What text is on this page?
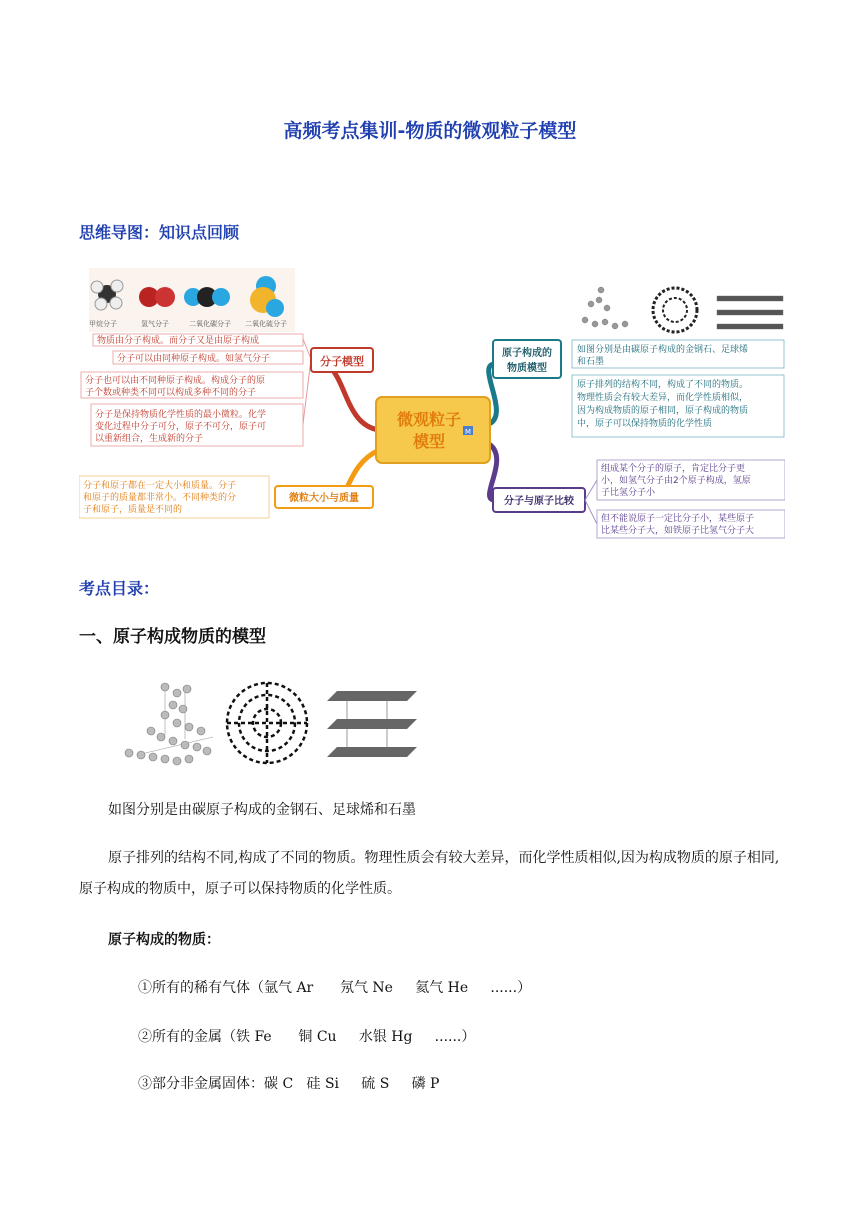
高频考点集训-物质的微观粒子模型
思维导图：知识点回顾
甲烷分子	氢气分子	二氧化碳分子 二氧化硫分子
物质由分子构成。而分子又是由原子构成
分子可以由同种原子构成。如氢气分子
分子也可以由不同种原子构成。构成分子的原
子个数或种类不同可以构成多种不同的分子
分子是保持物质化学性质的最小微粒。化学
变化过程中分子可分，原子不可分，原子可
以重新组合，生成新的分子
分子模型
微观粒子
模型	M
微粒大小与质量
分子和原子都在一定大小和质量。分子
和原子的质量都非常小。不同种类的分
子和原子，质量是不同的
原子构成的
物质模型
如图分别是由碳原子构成的金钢石、足球烯
和石墨
原子排列的结构不同，构成了不同的物质。
物理性质会有较大差异，而化学性质相似，
因为构成物质的原子相同，原子构成的物质
中，原子可以保持物质的化学性质
分子与原子比较
组成某个分子的原子，肯定比分子更
小，如氢气分子由2个原子构成，氢原
子比氢分子小
但不能说原子一定比分子小，某些原子
比某些分子大，如铁原子比氢气分子大
考点目录：
一、原子构成物质的模型
如图分别是由碳原子构成的金钢石、足球烯和石墨
原子排列的结构不同,构成了不同的物质。物理性质会有较大差异，而化学性质相似,因为构成物质的原子相同,原子构成的物质中，原子可以保持物质的化学性质。
原子构成的物质：
①所有的稀有气体（氩气 Ar      氖气 Ne     氦气 He     ......）
②所有的金属（铁 Fe      铜 Cu     水银 Hg     ......）
③部分非金属固体：碳 C   硅 Si     硫 S     磷 P
